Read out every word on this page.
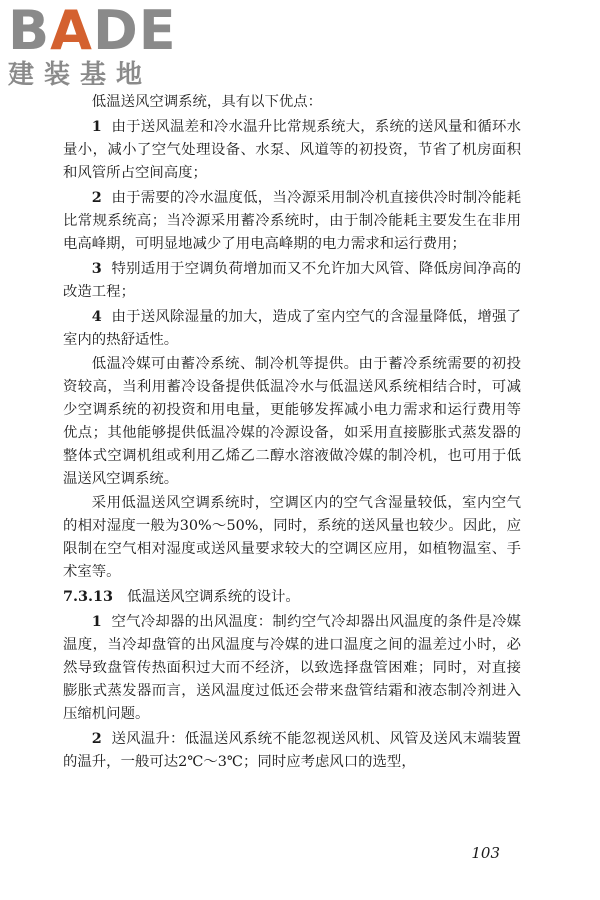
B A D E
建装基地

低温送风空调系统，具有以下优点：

1 由于送风温差和冷水温升比常规系统大，系统的送风量和循环水量小，减小了空气处理设备、水泵、风道等的初投资，节省了机房面积和风管所占空间高度；

2 由于需要的冷水温度低，当冷源采用制冷机直接供冷时制冷能耗比常规系统高；当冷源采用蓄冷系统时，由于制冷能耗主要发生在非用电高峰期，可明显地减少了用电高峰期的电力需求和运行费用；

3 特别适用于空调负荷增加而又不允许加大风管、降低房间净高的改造工程；

4 由于送风除湿量的加大，造成了室内空气的含湿量降低，增强了室内的热舒适性。

低温冷媒可由蓄冷系统、制冷机等提供。由于蓄冷系统需要的初投资较高，当利用蓄冷设备提供低温冷水与低温送风系统相结合时，可减少空调系统的初投资和用电量，更能够发挥减小电力需求和运行费用等优点；其他能够提供低温冷媒的冷源设备，如采用直接膨胀式蒸发器的整体式空调机组或利用乙烯乙二醇水溶液做冷媒的制冷机，也可用于低温送风空调系统。

采用低温送风空调系统时，空调区内的空气含湿量较低，室内空气的相对湿度一般为30%～50%，同时，系统的送风量也较少。因此，应限制在空气相对湿度或送风量要求较大的空调区应用，如植物温室、手术室等。

7.3.13 低温送风空调系统的设计。

1 空气冷却器的出风温度：制约空气冷却器出风温度的条件是冷媒温度，当冷却盘管的出风温度与冷媒的进口温度之间的温差过小时，必然导致盘管传热面积过大而不经济，以致选择盘管困难；同时，对直接膨胀式蒸发器而言，送风温度过低还会带来盘管结霜和液态制冷剂进入压缩机问题。

2 送风温升：低温送风系统不能忽视送风机、风管及送风末端装置的温升，一般可达2℃～3℃；同时应考虑风口的选型，

103
